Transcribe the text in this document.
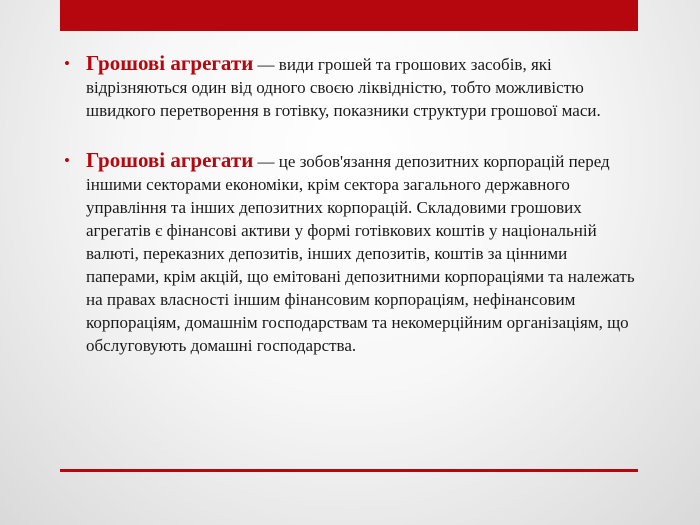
• Грошові агрегати — види грошей та грошових засобів, які відрізняються один від одного своєю ліквідністю, тобто можливістю швидкого перетворення в готівку, показники структури грошової маси.
• Грошові агрегати — це зобов'язання депозитних корпорацій перед іншими секторами економіки, крім сектора загального державного управління та інших депозитних корпорацій. Складовими грошових агрегатів є фінансові активи у формі готівкових коштів у національній валюті, переказних депозитів, інших депозитів, коштів за цінними паперами, крім акцій, що емітовані депозитними корпораціями та належать на правах власності іншим фінансовим корпораціям, нефінансовим корпораціям, домашнім господарствам та некомерційним організаціям, що обслуговують домашні господарства.
